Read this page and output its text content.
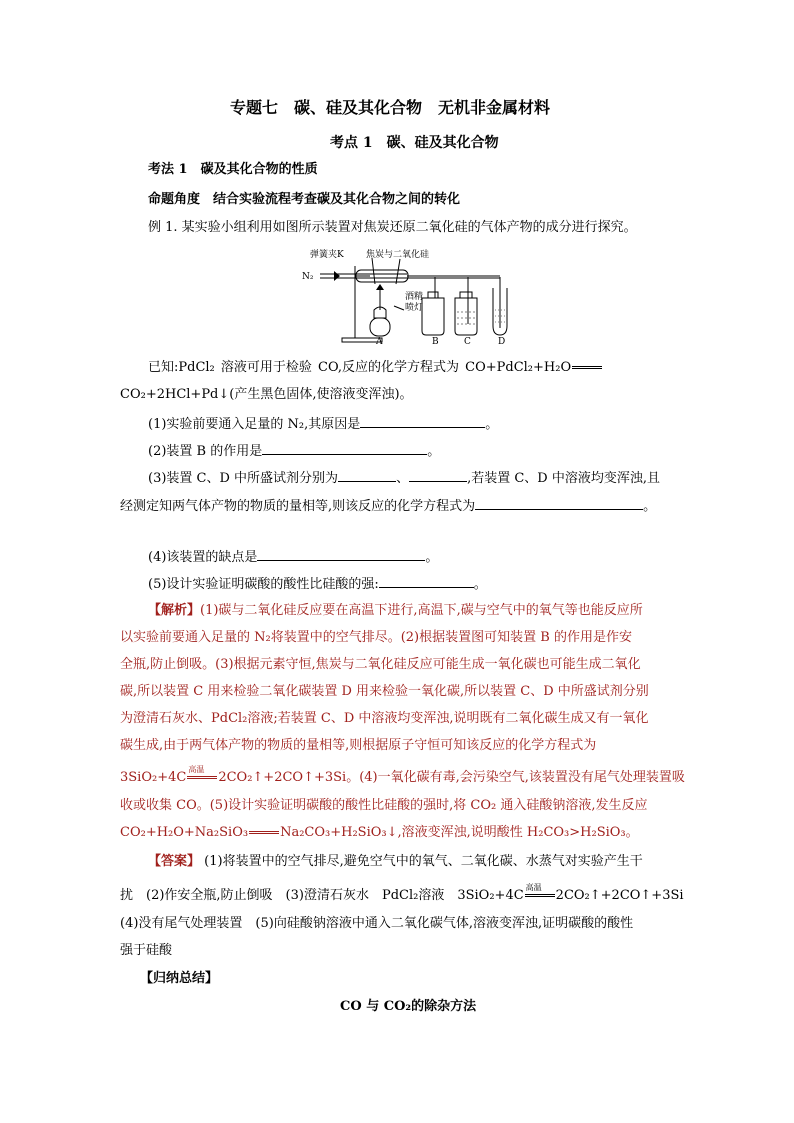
专题七　碳、硅及其化合物　无机非金属材料
考点 1　碳、硅及其化合物
考法 1　碳及其化合物的性质
命题角度　结合实验流程考查碳及其化合物之间的转化
例 1. 某实验小组利用如图所示装置对焦炭还原二氧化硅的气体产物的成分进行探究。
弹簧夹K 焦炭与二氧化硅
N₂
酒精
喷灯
A	B	C	D
已知:PdCl₂ 溶液可用于检验 CO,反应的化学方程式为 CO+PdCl₂+H₂O
CO₂+2HCl+Pd↓(产生黑色固体,使溶液变浑浊)。
(1)实验前要通入足量的 N₂,其原因是	。
(2)装置 B 的作用是	。
(3)装置 C、D 中所盛试剂分别为	、	,若装置 C、D 中溶液均变浑浊,且
经测定知两气体产物的物质的量相等,则该反应的化学方程式为	。
(4)该装置的缺点是	。
(5)设计实验证明碳酸的酸性比硅酸的强:	。
【解析】(1)碳与二氧化硅反应要在高温下进行,高温下,碳与空气中的氧气等也能反应所
以实验前要通入足量的 N₂将装置中的空气排尽。(2)根据装置图可知装置 B 的作用是作安
全瓶,防止倒吸。(3)根据元素守恒,焦炭与二氧化硅反应可能生成一氧化碳也可能生成二氧化
碳,所以装置 C 用来检验二氧化碳装置 D 用来检验一氧化碳,所以装置 C、D 中所盛试剂分别
为澄清石灰水、PdCl₂溶液;若装置 C、D 中溶液均变浑浊,说明既有二氧化碳生成又有一氧化
碳生成,由于两气体产物的物质的量相等,则根据原子守恒可知该反应的化学方程式为
3SiO₂+4C
高温
2CO₂↑+2CO↑+3Si。(4)一氧化碳有毒,会污染空气,该装置没有尾气处理装置吸
收或收集 CO。(5)设计实验证明碳酸的酸性比硅酸的强时,将 CO₂ 通入硅酸钠溶液,发生反应
CO₂+H₂O+Na₂SiO₃ Na₂CO₃+H₂SiO₃↓,溶液变浑浊,说明酸性 H₂CO₃>H₂SiO₃。
【答案】 (1)将装置中的空气排尽,避免空气中的氧气、二氧化碳、水蒸气对实验产生干
扰　(2)作安全瓶,防止倒吸　(3)澄清石灰水　PdCl₂溶液　3SiO₂+4C
高温
2CO₂↑+2CO↑+3Si
(4)没有尾气处理装置　(5)向硅酸钠溶液中通入二氧化碳气体,溶液变浑浊,证明碳酸的酸性
强于硅酸
【归纳总结】
CO 与 CO₂的除杂方法
